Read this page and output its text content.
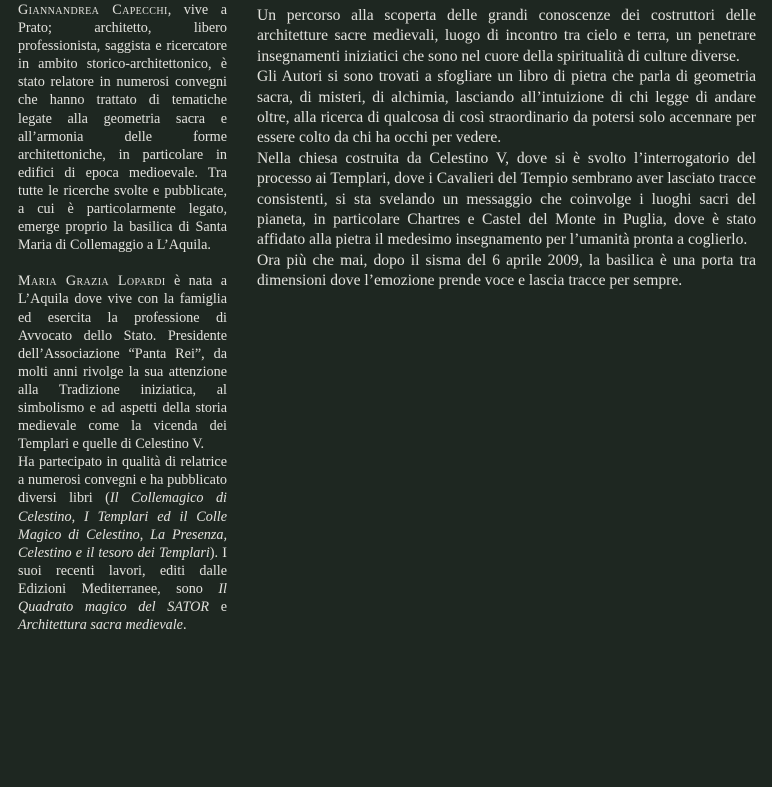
Giannandrea Capecchi, vive a Prato; architetto, libero professionista, saggista e ricercatore in ambito storico-architettonico, è stato relatore in numerosi convegni che hanno trattato di tematiche legate alla geometria sacra e all’armonia delle forme architettoniche, in particolare in edifici di epoca medioevale. Tra tutte le ricerche svolte e pubblicate, a cui è particolarmente legato, emerge proprio la basilica di Santa Maria di Collemaggio a L’Aquila.

Maria Grazia Lopardi è nata a L’Aquila dove vive con la famiglia ed esercita la professione di Avvocato dello Stato. Presidente dell’Associazione “Panta Rei”, da molti anni rivolge la sua attenzione alla Tradizione iniziatica, al simbolismo e ad aspetti della storia medievale come la vicenda dei Templari e quelle di Celestino V.

Ha partecipato in qualità di relatrice a numerosi convegni e ha pubblicato diversi libri (Il Collemagico di Celestino, I Templari ed il Colle Magico di Celestino, La Presenza, Celestino e il tesoro dei Templari). I suoi recenti lavori, editi dalle Edizioni Mediterranee, sono Il Quadrato magico del SATOR e Architettura sacra medievale.

Un percorso alla scoperta delle grandi conoscenze dei costruttori delle architetture sacre medievali, luogo di incontro tra cielo e terra, un penetrare insegnamenti iniziatici che sono nel cuore della spiritualità di culture diverse.

Gli Autori si sono trovati a sfogliare un libro di pietra che parla di geometria sacra, di misteri, di alchimia, lasciando all’intuizione di chi legge di andare oltre, alla ricerca di qualcosa di così straordinario da potersi solo accennare per essere colto da chi ha occhi per vedere.

Nella chiesa costruita da Celestino V, dove si è svolto l’interrogatorio del processo ai Templari, dove i Cavalieri del Tempio sembrano aver lasciato tracce consistenti, si sta svelando un messaggio che coinvolge i luoghi sacri del pianeta, in particolare Chartres e Castel del Monte in Puglia, dove è stato affidato alla pietra il medesimo insegnamento per l’umanità pronta a coglierlo.

Ora più che mai, dopo il sisma del 6 aprile 2009, la basilica è una porta tra dimensioni dove l’emozione prende voce e lascia tracce per sempre.
